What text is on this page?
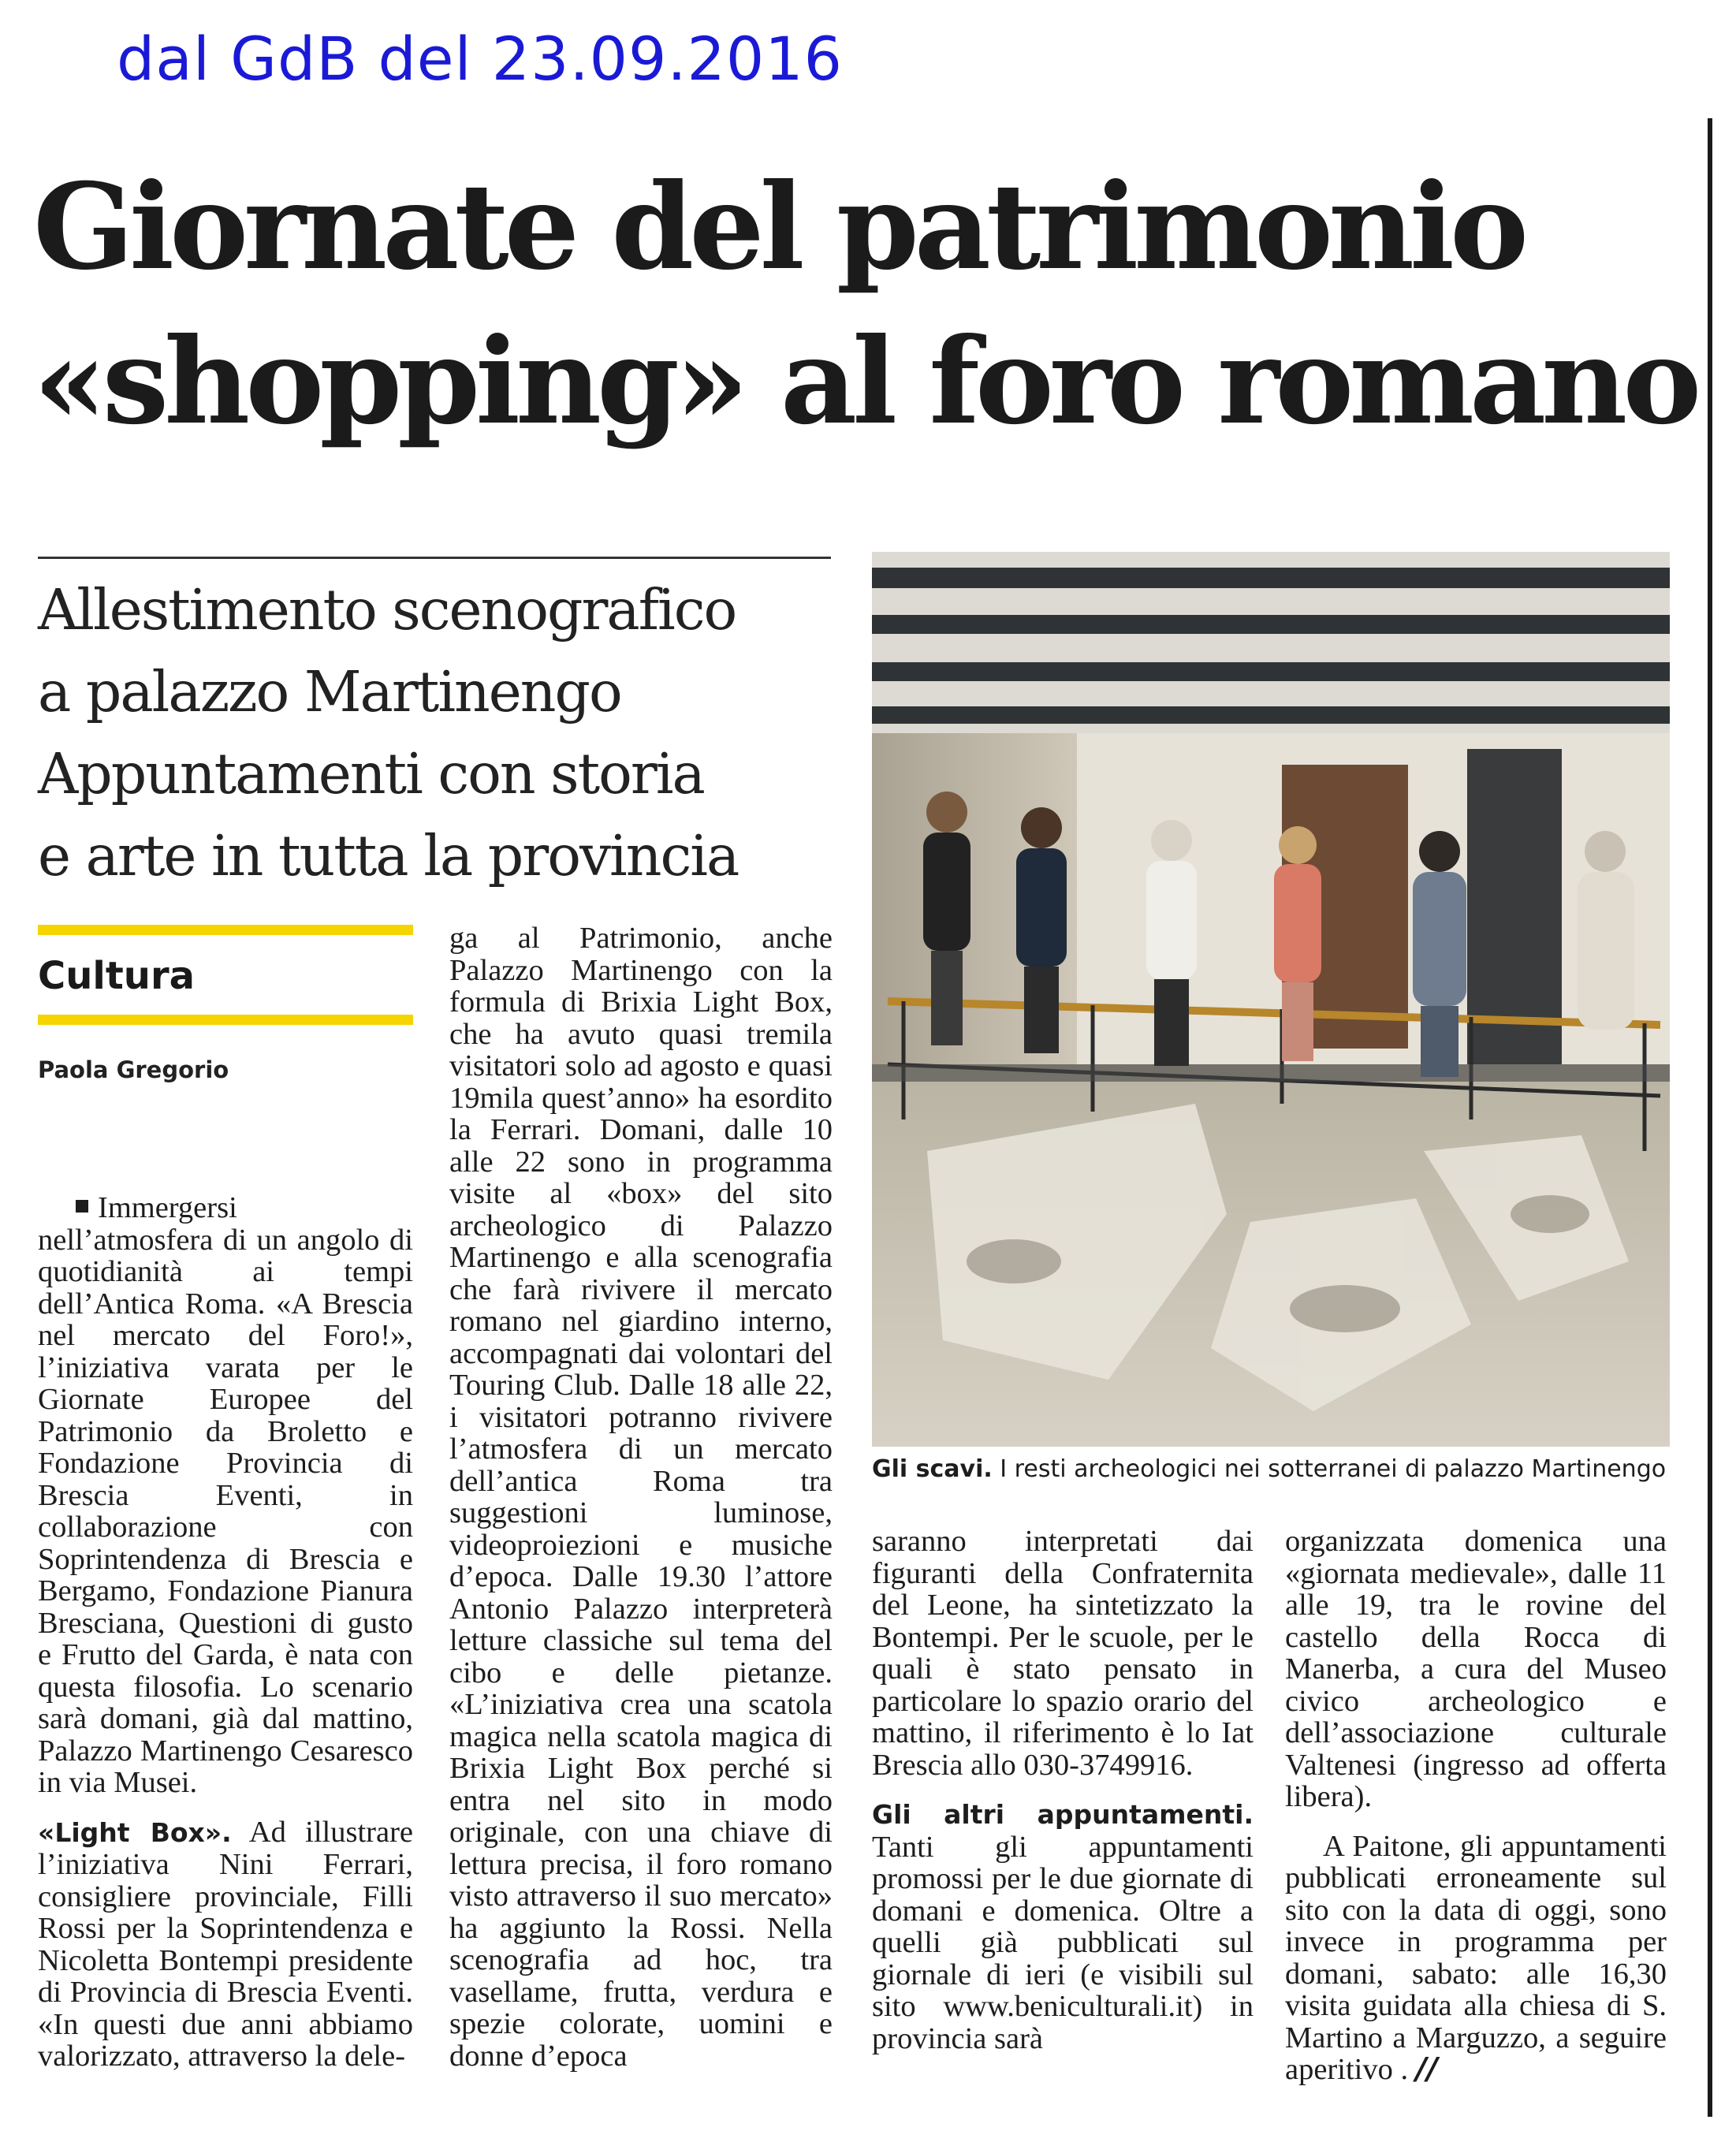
dal GdB del 23.09.2016
Giornate del patrimonio
«shopping» al foro romano
Allestimento scenografico
a palazzo Martinengo
Appuntamenti con storia
e arte in tutta la provincia
Cultura
Paola Gregorio

Immergersi nell’atmosfera di un angolo di quotidianità ai tempi dell’Antica Roma. «A Brescia nel mercato del Foro!», l’iniziativa varata per le Giornate Europee del Patrimonio da Broletto e Fondazione Provincia di Brescia Eventi, in collaborazione con Soprintendenza di Brescia e Bergamo, Fondazione Pianura Bresciana, Questioni di gusto e Frutto del Garda, è nata con questa filosofia. Lo scenario sarà domani, già dal mattino, Palazzo Martinengo Cesaresco in via Musei.

«Light Box». Ad illustrare l’iniziativa Nini Ferrari, consigliere provinciale, Filli Rossi per la Soprintendenza e Nicoletta Bontempi presidente di Provincia di Brescia Eventi. «In questi due anni abbiamo valorizzato, attraverso la dele-

ga al Patrimonio, anche Palazzo Martinengo con la formula di Brixia Light Box, che ha avuto quasi tremila visitatori solo ad agosto e quasi 19mila quest’anno» ha esordito la Ferrari. Domani, dalle 10 alle 22 sono in programma visite al «box» del sito archeologico di Palazzo Martinengo e alla scenografia che farà rivivere il mercato romano nel giardino interno, accompagnati dai volontari del Touring Club. Dalle 18 alle 22, i visitatori potranno rivivere l’atmosfera di un mercato dell’antica Roma tra suggestioni luminose, videoproiezioni e musiche d’epoca. Dalle 19.30 l’attore Antonio Palazzo interpreterà letture classiche sul tema del cibo e delle pietanze. «L’iniziativa crea una scatola magica nella scatola magica di Brixia Light Box perché si entra nel sito in modo originale, con una chiave di lettura precisa, il foro romano visto attraverso il suo mercato» ha aggiunto la Rossi. Nella scenografia ad hoc, tra vasellame, frutta, verdura e spezie colorate, uomini e donne d’epoca

Gli scavi. I resti archeologici nei sotterranei di palazzo Martinengo

saranno interpretati dai figuranti della Confraternita del Leone, ha sintetizzato la Bontempi. Per le scuole, per le quali è stato pensato in particolare lo spazio orario del mattino, il riferimento è lo Iat Brescia allo 030-3749916.

Gli altri appuntamenti. Tanti gli appuntamenti promossi per le due giornate di domani e domenica. Oltre a quelli già pubblicati sul giornale di ieri (e visibili sul sito www.beniculturali.it) in provincia sarà

organizzata domenica una «giornata medievale», dalle 11 alle 19, tra le rovine del castello della Rocca di Manerba, a cura del Museo civico archeologico e dell’associazione culturale Valtenesi (ingresso ad offerta libera).

A Paitone, gli appuntamenti pubblicati erroneamente sul sito con la data di oggi, sono invece in programma per domani, sabato: alle 16,30 visita guidata alla chiesa di S. Martino a Marguzzo, a seguire aperitivo . //
